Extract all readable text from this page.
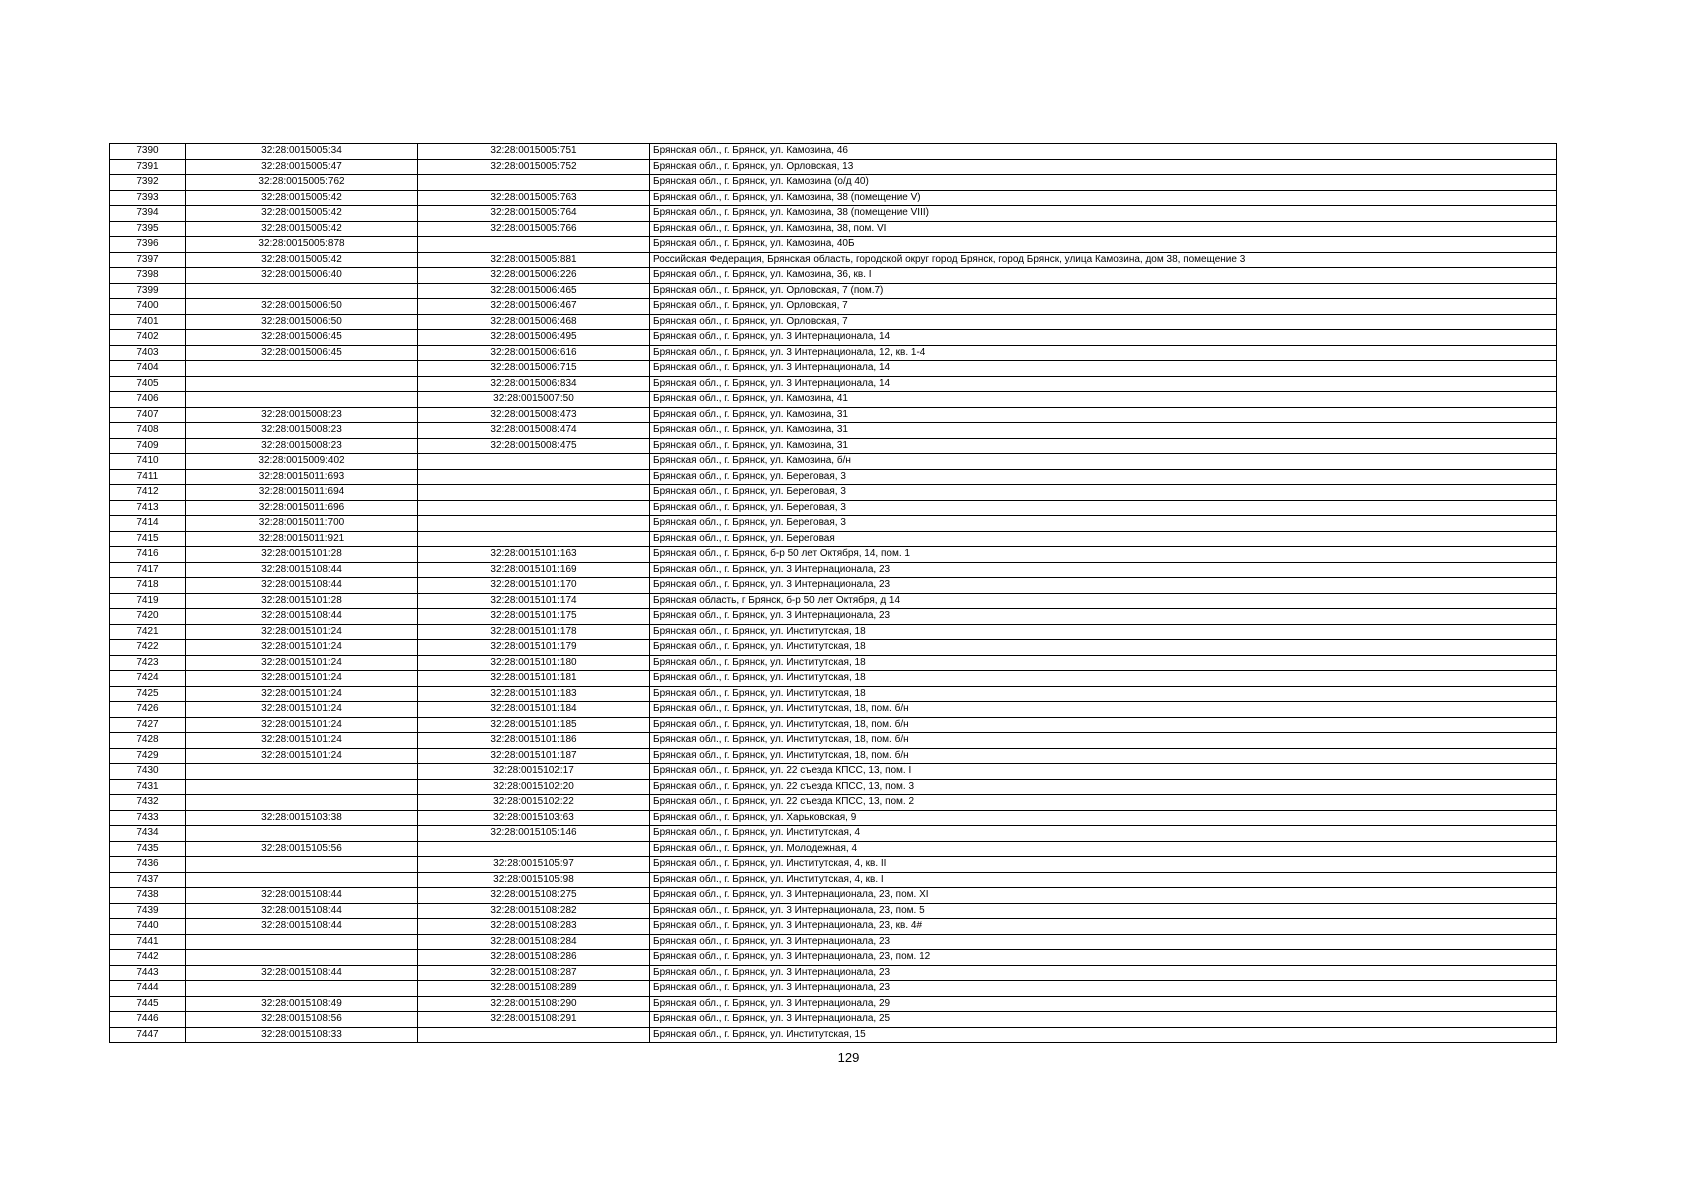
7390	32:28:0015005:34	32:28:0015005:751	Брянская обл., г. Брянск, ул. Камозина, 46
7391	32:28:0015005:47	32:28:0015005:752	Брянская обл., г. Брянск, ул. Орловская, 13
7392	32:28:0015005:762		Брянская обл., г. Брянск, ул. Камозина (о/д 40)
7393	32:28:0015005:42	32:28:0015005:763	Брянская обл., г. Брянск, ул. Камозина, 38 (помещение V)
7394	32:28:0015005:42	32:28:0015005:764	Брянская обл., г. Брянск, ул. Камозина, 38 (помещение VIII)
7395	32:28:0015005:42	32:28:0015005:766	Брянская обл., г. Брянск, ул. Камозина, 38, пом. VI
7396	32:28:0015005:878		Брянская обл., г. Брянск, ул. Камозина, 40Б
7397	32:28:0015005:42	32:28:0015005:881	Российская Федерация, Брянская область, городской округ город Брянск, город Брянск, улица Камозина, дом 38, помещение 3
7398	32:28:0015006:40	32:28:0015006:226	Брянская обл., г. Брянск, ул. Камозина, 36, кв. I
7399		32:28:0015006:465	Брянская обл., г. Брянск, ул. Орловская, 7 (пом.7)
7400	32:28:0015006:50	32:28:0015006:467	Брянская обл., г. Брянск, ул. Орловская, 7
7401	32:28:0015006:50	32:28:0015006:468	Брянская обл., г. Брянск, ул. Орловская, 7
7402	32:28:0015006:45	32:28:0015006:495	Брянская обл., г. Брянск, ул. 3 Интернационала, 14
7403	32:28:0015006:45	32:28:0015006:616	Брянская обл., г. Брянск, ул. 3 Интернационала, 12, кв. 1-4
7404		32:28:0015006:715	Брянская обл., г. Брянск, ул. 3 Интернационала, 14
7405		32:28:0015006:834	Брянская обл., г. Брянск, ул. 3 Интернационала, 14
7406		32:28:0015007:50	Брянская обл., г. Брянск, ул. Камозина, 41
7407	32:28:0015008:23	32:28:0015008:473	Брянская обл., г. Брянск, ул. Камозина, 31
7408	32:28:0015008:23	32:28:0015008:474	Брянская обл., г. Брянск, ул. Камозина, 31
7409	32:28:0015008:23	32:28:0015008:475	Брянская обл., г. Брянск, ул. Камозина, 31
7410	32:28:0015009:402		Брянская обл., г. Брянск, ул. Камозина, б/н
7411	32:28:0015011:693		Брянская обл., г. Брянск, ул. Береговая, 3
7412	32:28:0015011:694		Брянская обл., г. Брянск, ул. Береговая, 3
7413	32:28:0015011:696		Брянская обл., г. Брянск, ул. Береговая, 3
7414	32:28:0015011:700		Брянская обл., г. Брянск, ул. Береговая, 3
7415	32:28:0015011:921		Брянская обл., г. Брянск, ул. Береговая
7416	32:28:0015101:28	32:28:0015101:163	Брянская обл., г. Брянск, б-р 50 лет Октября, 14, пом. 1
7417	32:28:0015108:44	32:28:0015101:169	Брянская обл., г. Брянск, ул. 3 Интернационала, 23
7418	32:28:0015108:44	32:28:0015101:170	Брянская обл., г. Брянск, ул. 3 Интернационала, 23
7419	32:28:0015101:28	32:28:0015101:174	Брянская область, г Брянск, б-р 50 лет Октября, д 14
7420	32:28:0015108:44	32:28:0015101:175	Брянская обл., г. Брянск, ул. 3 Интернационала, 23
7421	32:28:0015101:24	32:28:0015101:178	Брянская обл., г. Брянск, ул. Институтская, 18
7422	32:28:0015101:24	32:28:0015101:179	Брянская обл., г. Брянск, ул. Институтская, 18
7423	32:28:0015101:24	32:28:0015101:180	Брянская обл., г. Брянск, ул. Институтская, 18
7424	32:28:0015101:24	32:28:0015101:181	Брянская обл., г. Брянск, ул. Институтская, 18
7425	32:28:0015101:24	32:28:0015101:183	Брянская обл., г. Брянск, ул. Институтская, 18
7426	32:28:0015101:24	32:28:0015101:184	Брянская обл., г. Брянск, ул. Институтская, 18, пом. б/н
7427	32:28:0015101:24	32:28:0015101:185	Брянская обл., г. Брянск, ул. Институтская, 18, пом. б/н
7428	32:28:0015101:24	32:28:0015101:186	Брянская обл., г. Брянск, ул. Институтская, 18, пом. б/н
7429	32:28:0015101:24	32:28:0015101:187	Брянская обл., г. Брянск, ул. Институтская, 18, пом. б/н
7430		32:28:0015102:17	Брянская обл., г. Брянск, ул. 22 съезда КПСС, 13, пом. I
7431		32:28:0015102:20	Брянская обл., г. Брянск, ул. 22 съезда КПСС, 13, пом. 3
7432		32:28:0015102:22	Брянская обл., г. Брянск, ул. 22 съезда КПСС, 13, пом. 2
7433	32:28:0015103:38	32:28:0015103:63	Брянская обл., г. Брянск, ул. Харьковская, 9
7434		32:28:0015105:146	Брянская обл., г. Брянск, ул. Институтская, 4
7435	32:28:0015105:56		Брянская обл., г. Брянск, ул. Молодежная, 4
7436		32:28:0015105:97	Брянская обл., г. Брянск, ул. Институтская, 4, кв. II
7437		32:28:0015105:98	Брянская обл., г. Брянск, ул. Институтская, 4, кв. I
7438	32:28:0015108:44	32:28:0015108:275	Брянская обл., г. Брянск, ул. 3 Интернационала, 23, пом. XI
7439	32:28:0015108:44	32:28:0015108:282	Брянская обл., г. Брянск, ул. 3 Интернационала, 23, пом. 5
7440	32:28:0015108:44	32:28:0015108:283	Брянская обл., г. Брянск, ул. 3 Интернационала, 23, кв. 4#
7441		32:28:0015108:284	Брянская обл., г. Брянск, ул. 3 Интернационала, 23
7442		32:28:0015108:286	Брянская обл., г. Брянск, ул. 3 Интернационала, 23, пом. 12
7443	32:28:0015108:44	32:28:0015108:287	Брянская обл., г. Брянск, ул. 3 Интернационала, 23
7444		32:28:0015108:289	Брянская обл., г. Брянск, ул. 3 Интернационала, 23
7445	32:28:0015108:49	32:28:0015108:290	Брянская обл., г. Брянск, ул. 3 Интернационала, 29
7446	32:28:0015108:56	32:28:0015108:291	Брянская обл., г. Брянск, ул. 3 Интернационала, 25
7447	32:28:0015108:33		Брянская обл., г. Брянск, ул. Институтская, 15
129
